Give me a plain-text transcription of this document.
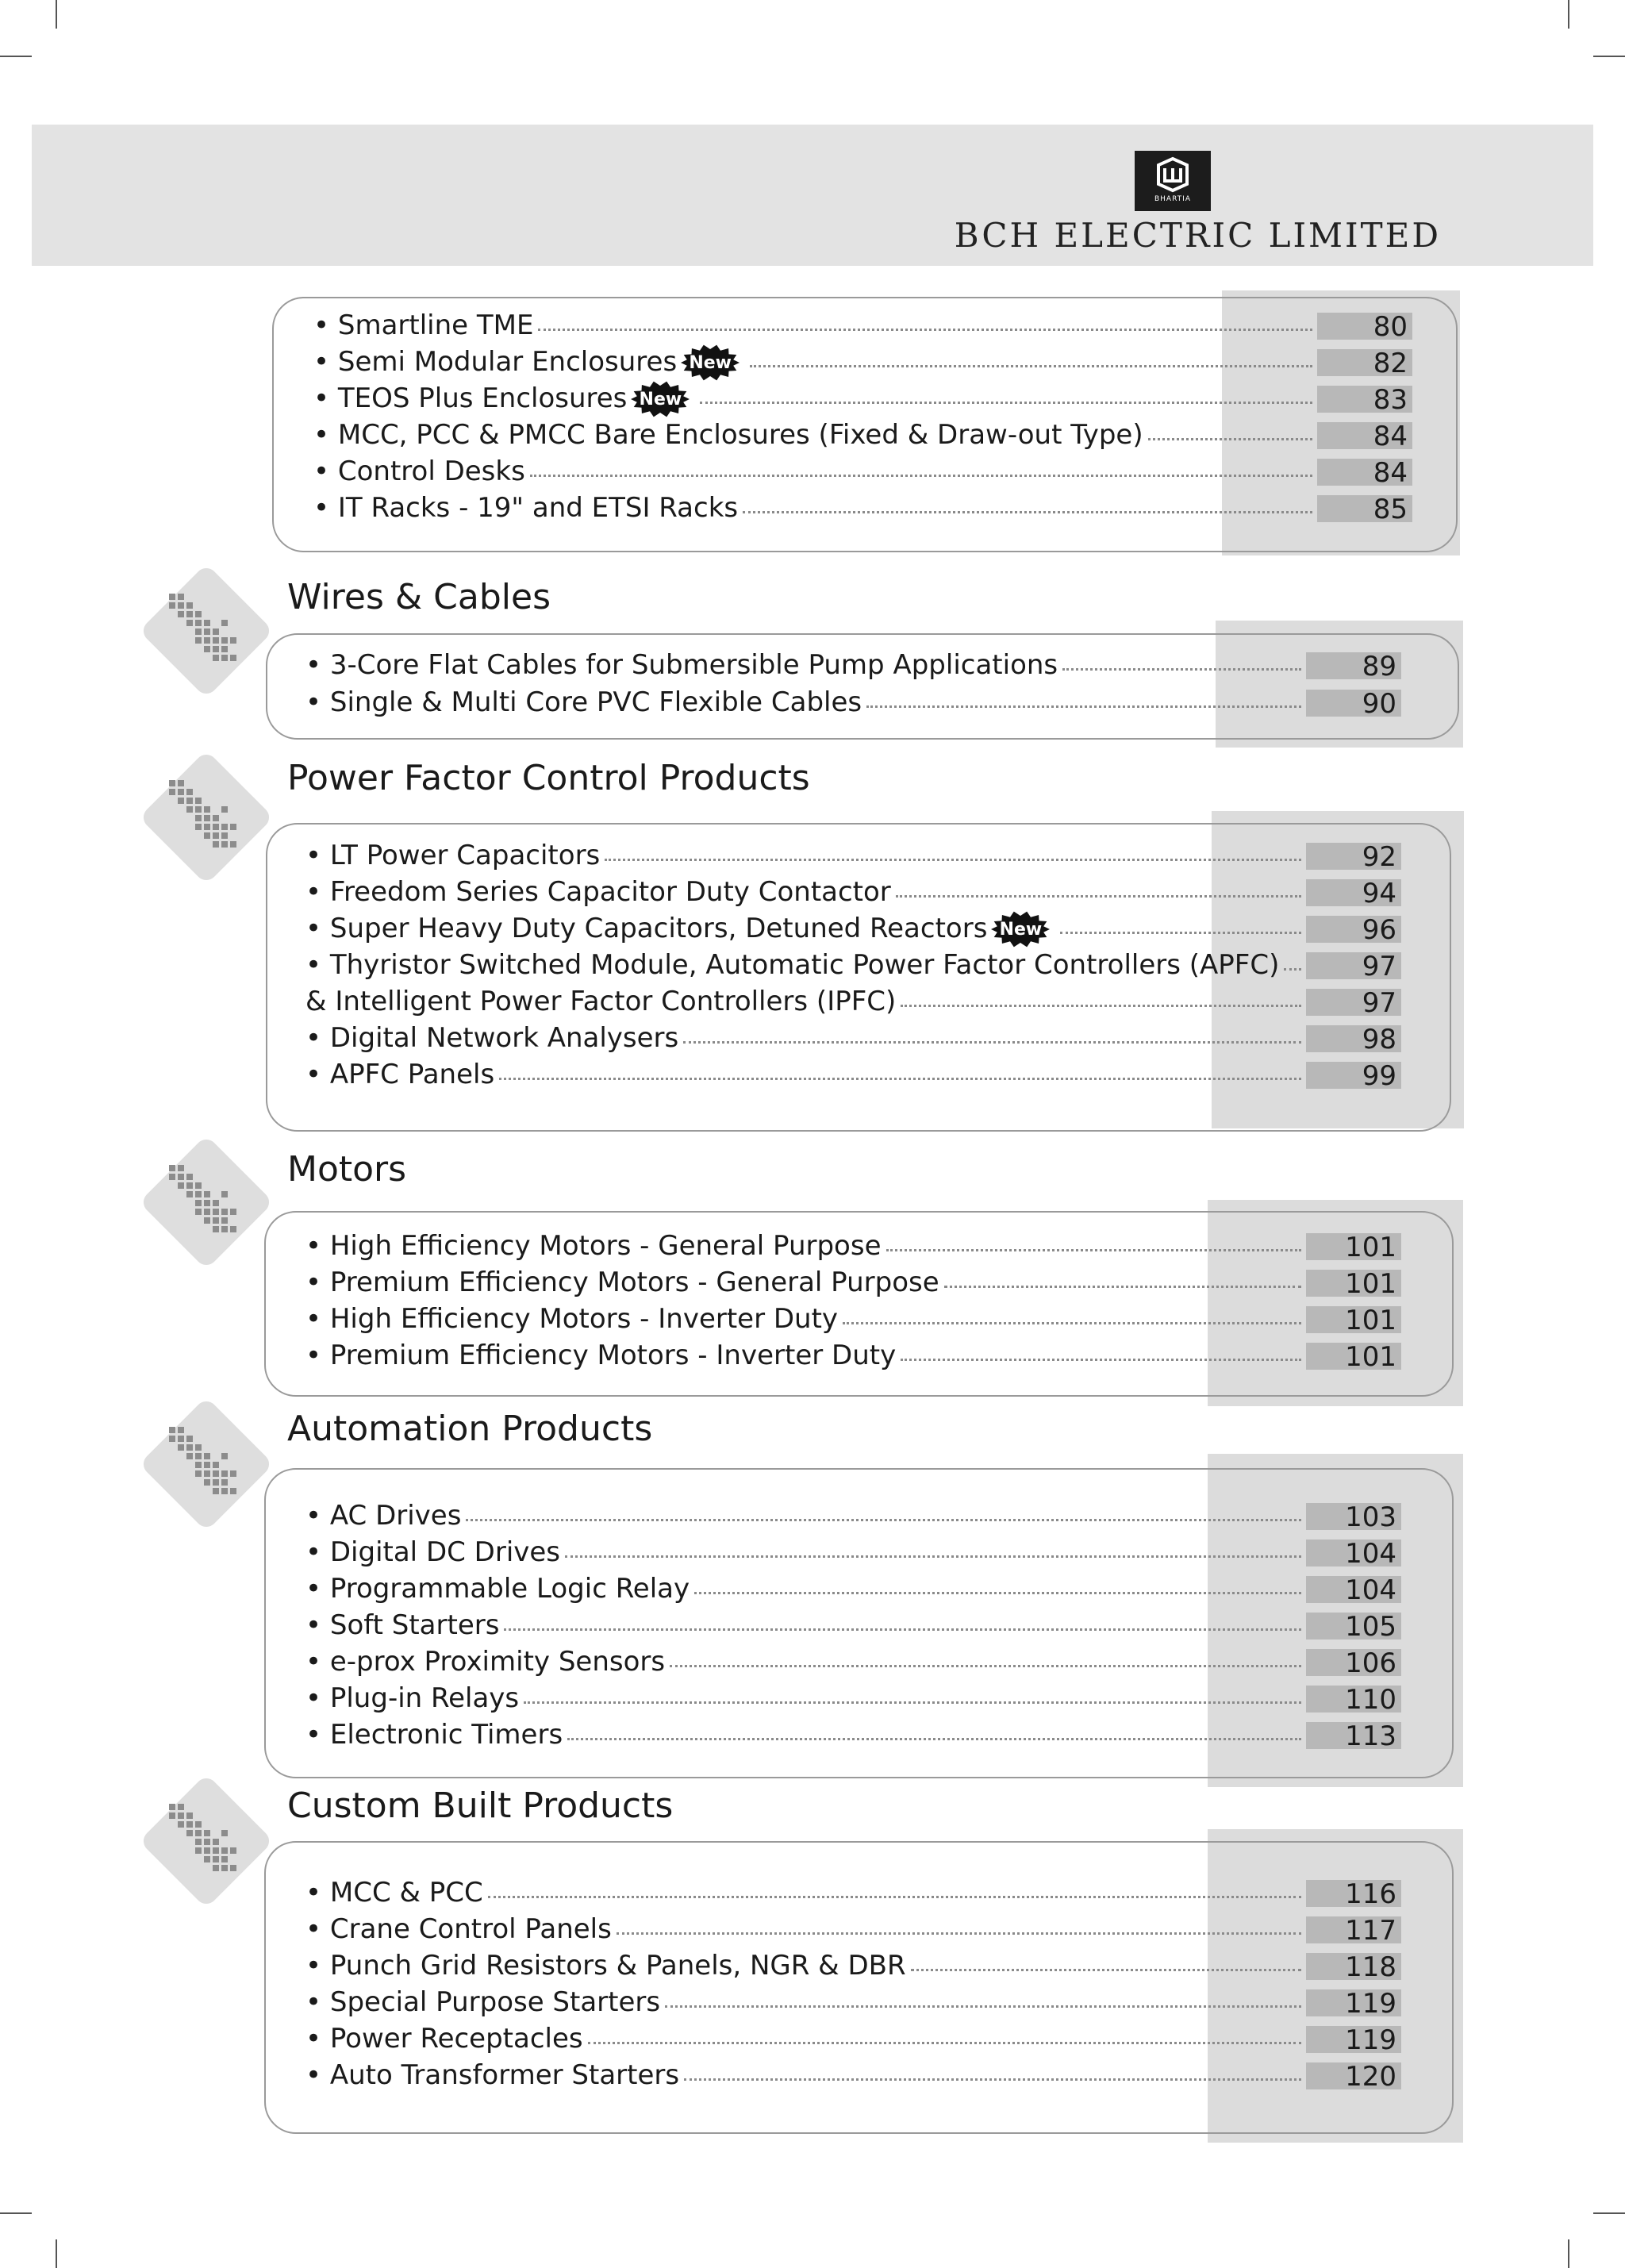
BHARTIA
BCH ELECTRIC LIMITED
• Smartline TME	80
• Semi Modular Enclosures New	82
• TEOS Plus Enclosures New	83
• MCC, PCC & PMCC Bare Enclosures (Fixed & Draw-out Type)	84
• Control Desks	84
• IT Racks - 19" and ETSI Racks	85
Wires & Cables
• 3-Core Flat Cables for Submersible Pump Applications	89
• Single & Multi Core PVC Flexible Cables	90
Power Factor Control Products
• LT Power Capacitors	92
• Freedom Series Capacitor Duty Contactor	94
• Super Heavy Duty Capacitors, Detuned Reactors New	96
• Thyristor Switched Module, Automatic Power Factor Controllers (APFC)	97
& Intelligent Power Factor Controllers (IPFC)	97
• Digital Network Analysers	98
• APFC Panels	99
Motors
• High Efficiency Motors - General Purpose	101
• Premium Efficiency Motors - General Purpose	101
• High Efficiency Motors - Inverter Duty	101
• Premium Efficiency Motors - Inverter Duty	101
Automation Products
• AC Drives	103
• Digital DC Drives	104
• Programmable Logic Relay	104
• Soft Starters	105
• e-prox Proximity Sensors	106
• Plug-in Relays	110
• Electronic Timers	113
Custom Built Products
• MCC & PCC	116
• Crane Control Panels	117
• Punch Grid Resistors & Panels, NGR & DBR	118
• Special Purpose Starters	119
• Power Receptacles	119
• Auto Transformer Starters	120
